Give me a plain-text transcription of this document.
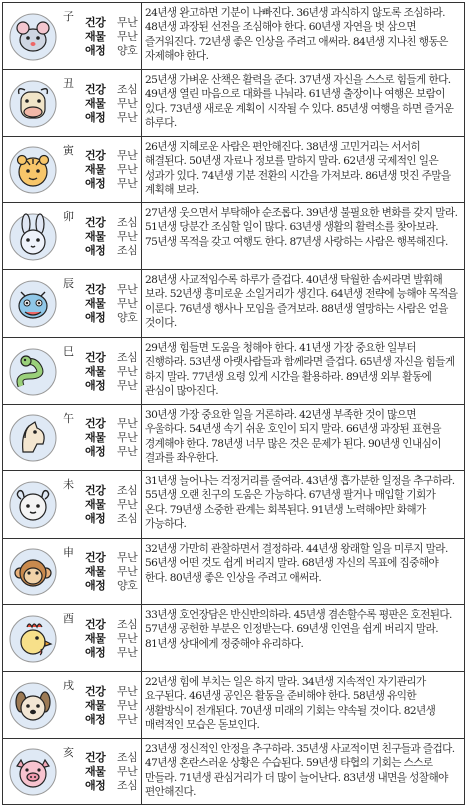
子 건강 무난
재물 무난
애정 양호
24년생 완고하면 기분이 나빠진다. 36년생 과식하지 않도록 조심하라. 48년생 과장된 선전을 조심해야 한다. 60년생 자연을 벗 삼으면 즐거워진다. 72년생 좋은 인상을 주려고 애써라. 84년생 지나친 행동은 자제해야 한다.
丑 건강 조심
재물 무난
애정 무난
25년생 가벼운 산책은 활력을 준다. 37년생 자신을 스스로 힘들게 한다. 49년생 열린 마음으로 대화를 나눠라. 61년생 출장이나 여행은 보람이 있다. 73년생 새로운 계획이 시작될 수 있다. 85년생 여행을 하면 즐거운 하루다.
寅 건강 무난
재물 무난
애정 무난
26년생 지혜로운 사람은 편안해진다. 38년생 고민거리는 서서히 해결된다. 50년생 자료나 정보를 말하지 말라. 62년생 국제적인 일은 성과가 있다. 74년생 기분 전환의 시간을 가져보라. 86년생 멋진 주말을 계획해 보라.
卯 건강 조심
재물 무난
애정 조심
27년생 웃으면서 부탁해야 순조롭다. 39년생 불필요한 변화를 갖지 말라. 51년생 당분간 조심할 일이 많다. 63년생 생활의 활력소를 찾아보라. 75년생 목적을 갖고 여행도 한다. 87년생 사랑하는 사람은 행복해진다.
辰 건강 무난
재물 무난
애정 양호
28년생 사교적임수록 하루가 즐겁다. 40년생 탁월한 솜씨라면 발휘해 보라. 52년생 흥미로운 소일거리가 생긴다. 64년생 전략에 능해야 목적을 이룬다. 76년생 행사나 모임을 즐겨보라. 88년생 열망하는 사람은 얻을 것이다.
巳 건강 조심
재물 무난
애정 무난
29년생 힘들면 도움을 청해야 한다. 41년생 가장 중요한 일부터 진행하라. 53년생 아랫사람들과 함께라면 즐겁다. 65년생 자신을 힘들게 하지 말라. 77년생 요령 있게 시간을 활용하라. 89년생 외부 활동에 관심이 많아진다.
午 건강 무난
재물 무난
애정 무난
30년생 가장 중요한 일을 거론하라. 42년생 부족한 것이 많으면 우울하다. 54년생 속기 쉬운 호인이 되지 말라. 66년생 과장된 표현을 경계해야 한다. 78년생 너무 많은 것은 문제가 된다. 90년생 인내심이 결과를 좌우한다.
未 건강 조심
재물 무난
애정 조심
31년생 늘어나는 걱정거리를 줄여라. 43년생 흡가분한 일정을 추구하라. 55년생 오랜 친구의 도움은 가능하다. 67년생 팔거나 매입할 기회가 온다. 79년생 소중한 관계는 회복된다. 91년생 노력해야만 화해가 가능하다.
申 건강 무난
재물 무난
애정 양호
32년생 가만히 관찰하면서 결정하라. 44년생 왕래할 일을 미루지 말라. 56년생 어떤 것도 쉽게 버리지 말라. 68년생 자신의 목표에 집중해야 한다. 80년생 좋은 인상을 주려고 애써라.
酉 건강 조심
재물 무난
애정 무난
33년생 호언장담은 반신반의하라. 45년생 겸손할수록 평판은 호전된다. 57년생 공헌한 부분은 인정받는다. 69년생 인연을 쉽게 버리지 말라. 81년생 상대에게 정중해야 유리하다.
戌 건강 무난
재물 무난
애정 무난
22년생 힘에 부치는 일은 하지 말라. 34년생 지속적인 자기관리가 요구된다. 46년생 공인은 활동을 준비해야 한다. 58년생 유익한 생활방식이 전개된다. 70년생 미래의 기회는 약속될 것이다. 82년생 매력적인 모습은 돋보인다.
亥 건강 조심
재물 무난
애정 조심
23년생 정신적인 안정을 추구하라. 35년생 사교적이면 친구들과 즐겁다. 47년생 혼란스러운 상황은 수습된다. 59년생 타협의 기회는 스스로 만들라. 71년생 관심거리가 더 많이 늘어난다. 83년생 내면을 성찰해야 편안해진다.
